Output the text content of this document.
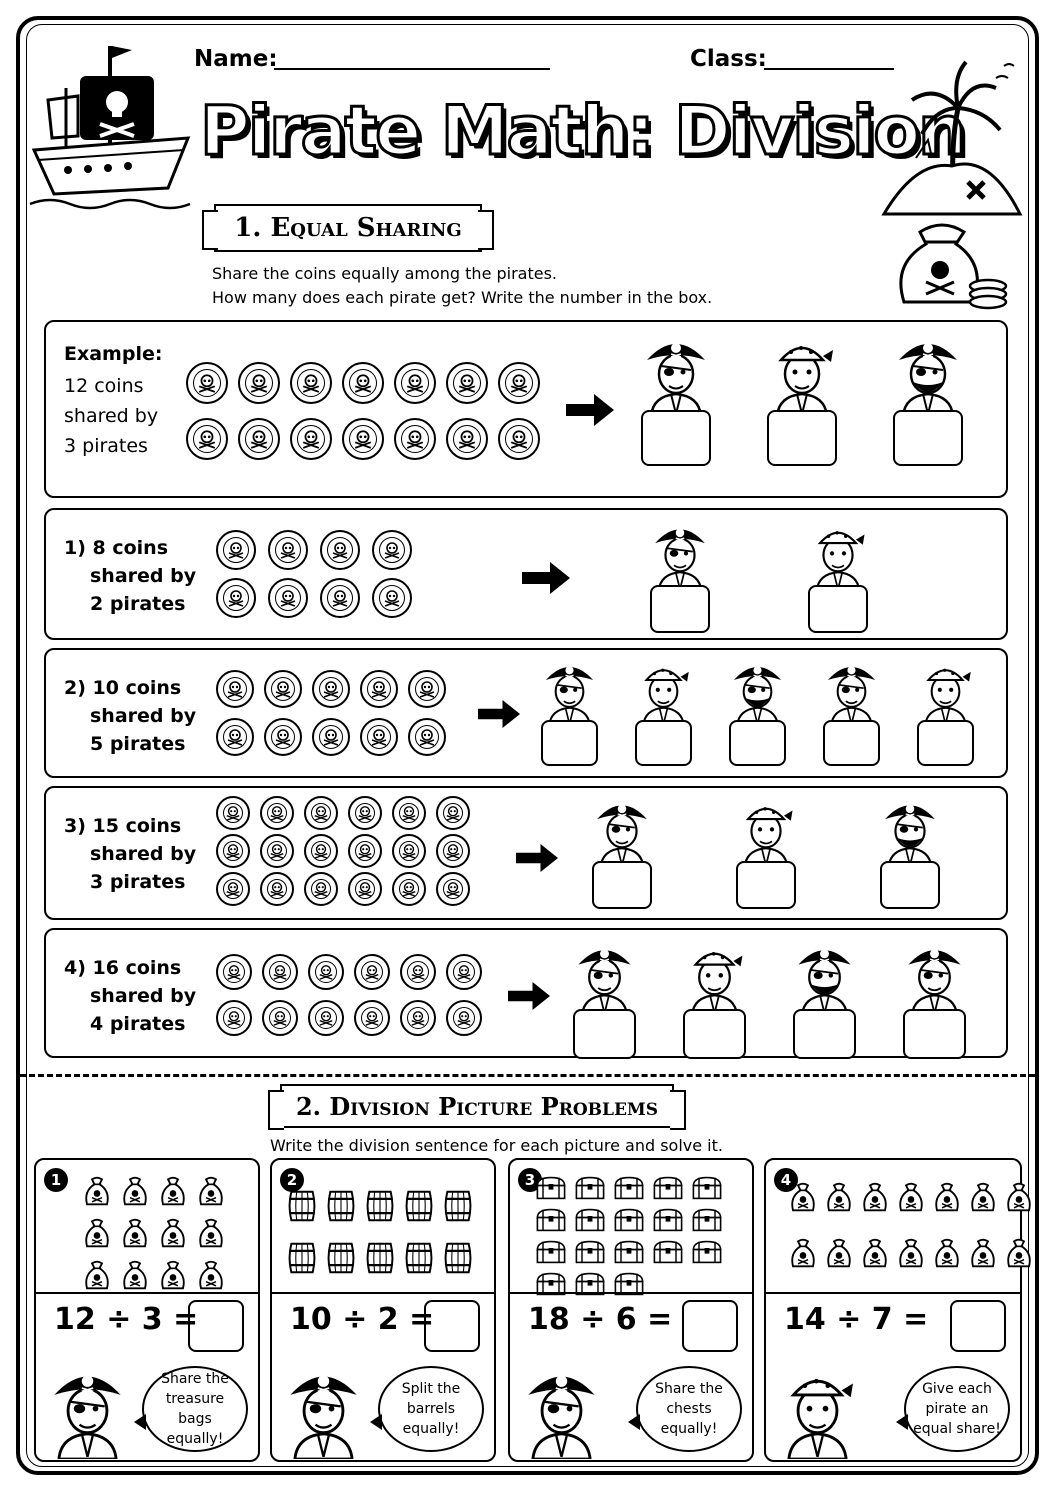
Name:	Class:
Pirate Math: Division
1. Equal Sharing
Share the coins equally among the pirates.
How many does each pirate get? Write the number in the box.
Example:
12 coins
shared by
3 pirates
1) 8 coins
shared by
2 pirates
2) 10 coins
shared by
5 pirates
3) 15 coins
shared by
3 pirates
4) 16 coins
shared by
4 pirates
2. Division Picture Problems
Write the division sentence for each picture and solve it.
1
12 ÷ 3 =
Share the treasure bags equally!
2
10 ÷ 2 =
Split the barrels equally!
3
18 ÷ 6 =
Share the chests equally!
4
14 ÷ 7 =
Give each pirate an equal share!
